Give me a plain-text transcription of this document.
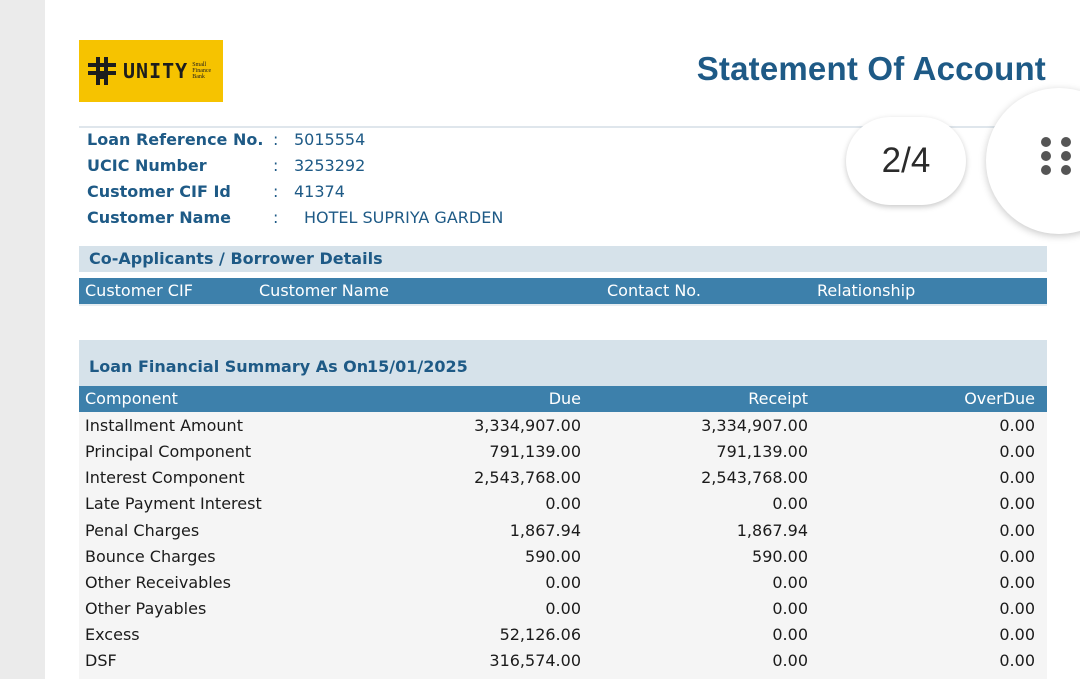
UNITY Small
Finance
Bank	Statement Of Account
Loan Reference No. : 5015554
UCIC Number	: 3253292
Customer CIF Id	: 41374
Customer Name	: HOTEL SUPRIYA GARDEN
Co-Applicants / Borrower Details
Customer CIF	Customer Name	Contact No.	Relationship
Loan Financial Summary As On
15/01/2025
Component	Due	Receipt	OverDue
Installment Amount	3,334,907.00	3,334,907.00	0.00
Principal Component	791,139.00	791,139.00	0.00
Interest Component	2,543,768.00	2,543,768.00	0.00
Late Payment Interest	0.00	0.00	0.00
Penal Charges	1,867.94	1,867.94	0.00
Bounce Charges	590.00	590.00	0.00
Other Receivables	0.00	0.00	0.00
Other Payables	0.00	0.00	0.00
Excess	52,126.06	0.00	0.00
DSF	316,574.00	0.00	0.00
2/4
